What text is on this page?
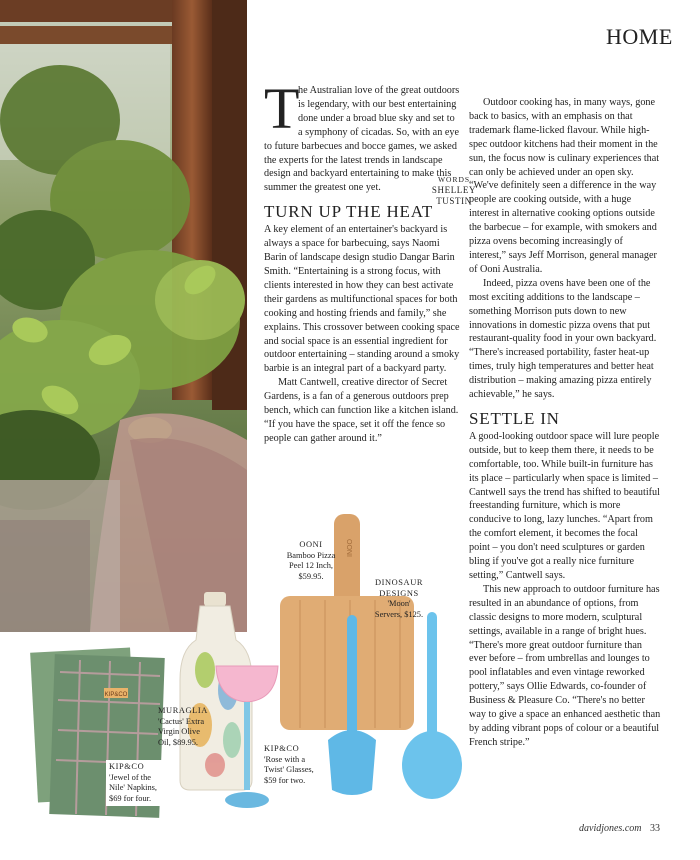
HOME
WORDS
SHELLEY
TUSTIN
T
he Australian love of the great outdoors is legendary, with our best entertaining done under a broad blue sky and set to a symphony of cicadas. So, with an eye to future barbecues and bocce games, we asked the experts for the latest trends in landscape design and backyard entertaining to make this summer the greatest one yet.
TURN UP THE HEAT

A key element of an entertainer's backyard is always a space for barbecuing, says Naomi Barin of landscape design studio Dangar Barin Smith. “Entertaining is a strong focus, with clients interested in how they can best activate their gardens as multifunctional spaces for both cooking and hosting friends and family,” she explains. This crossover between cooking space and social space is an essential ingredient for outdoor entertaining – standing around a smoky barbie is an integral part of a backyard party.

Matt Cantwell, creative director of Secret Gardens, is a fan of a generous outdoors prep bench, which can function like a kitchen island. “If you have the space, set it off the fence so people can gather around it.”

Outdoor cooking has, in many ways, gone back to basics, with an emphasis on that trademark flame-licked flavour. While high-spec outdoor kitchens had their moment in the sun, the focus now is culinary experiences that can only be achieved under an open sky. “We've definitely seen a difference in the way people are cooking outside, with a huge interest in alternative cooking options outside the barbecue – for example, with smokers and pizza ovens becoming increasingly of interest,” says Jeff Morrison, general manager of Ooni Australia.

Indeed, pizza ovens have been one of the most exciting additions to the landscape – something Morrison puts down to new innovations in domestic pizza ovens that put restaurant-quality food in your own backyard. “There's increased portability, faster heat-up times, truly high temperatures and better heat distribution – making amazing pizza entirely achievable,” he says.

SETTLE IN

A good-looking outdoor space will lure people outside, but to keep them there, it needs to be comfortable, too. While built-in furniture has its place – particularly when space is limited – Cantwell says the trend has shifted to beautiful freestanding furniture, which is more conducive to long, lazy lunches. “Apart from the comfort element, it becomes the focal point – you don't need sculptures or garden bling if you've got a really nice furniture setting,” Cantwell says.

This new approach to outdoor furniture has resulted in an abundance of options, from classic designs to more modern, sculptural settings, available in a range of bright hues. “There's more great outdoor furniture than ever before – from umbrellas and lounges to pool inflatables and even vintage reworked pottery,” says Ollie Edwards, co-founder of Business & Pleasure Co. “There's no better way to give a space an enhanced aesthetic than by adding vibrant pops of colour or a beautiful French stripe.”

KIP&CO
OONI
OONI
Bamboo Pizza
Peel 12 Inch,
$59.95.
DINOSAUR
DESIGNS
'Moon'
Servers, $125.
MURAGLIA
'Cactus' Extra
Virgin Olive
Oil, $89.95.
KIP&CO
'Rose with a
Twist' Glasses,
$59 for two.
KIP&CO
'Jewel of the
Nile' Napkins,
$69 for four.
davidjones.com 33
